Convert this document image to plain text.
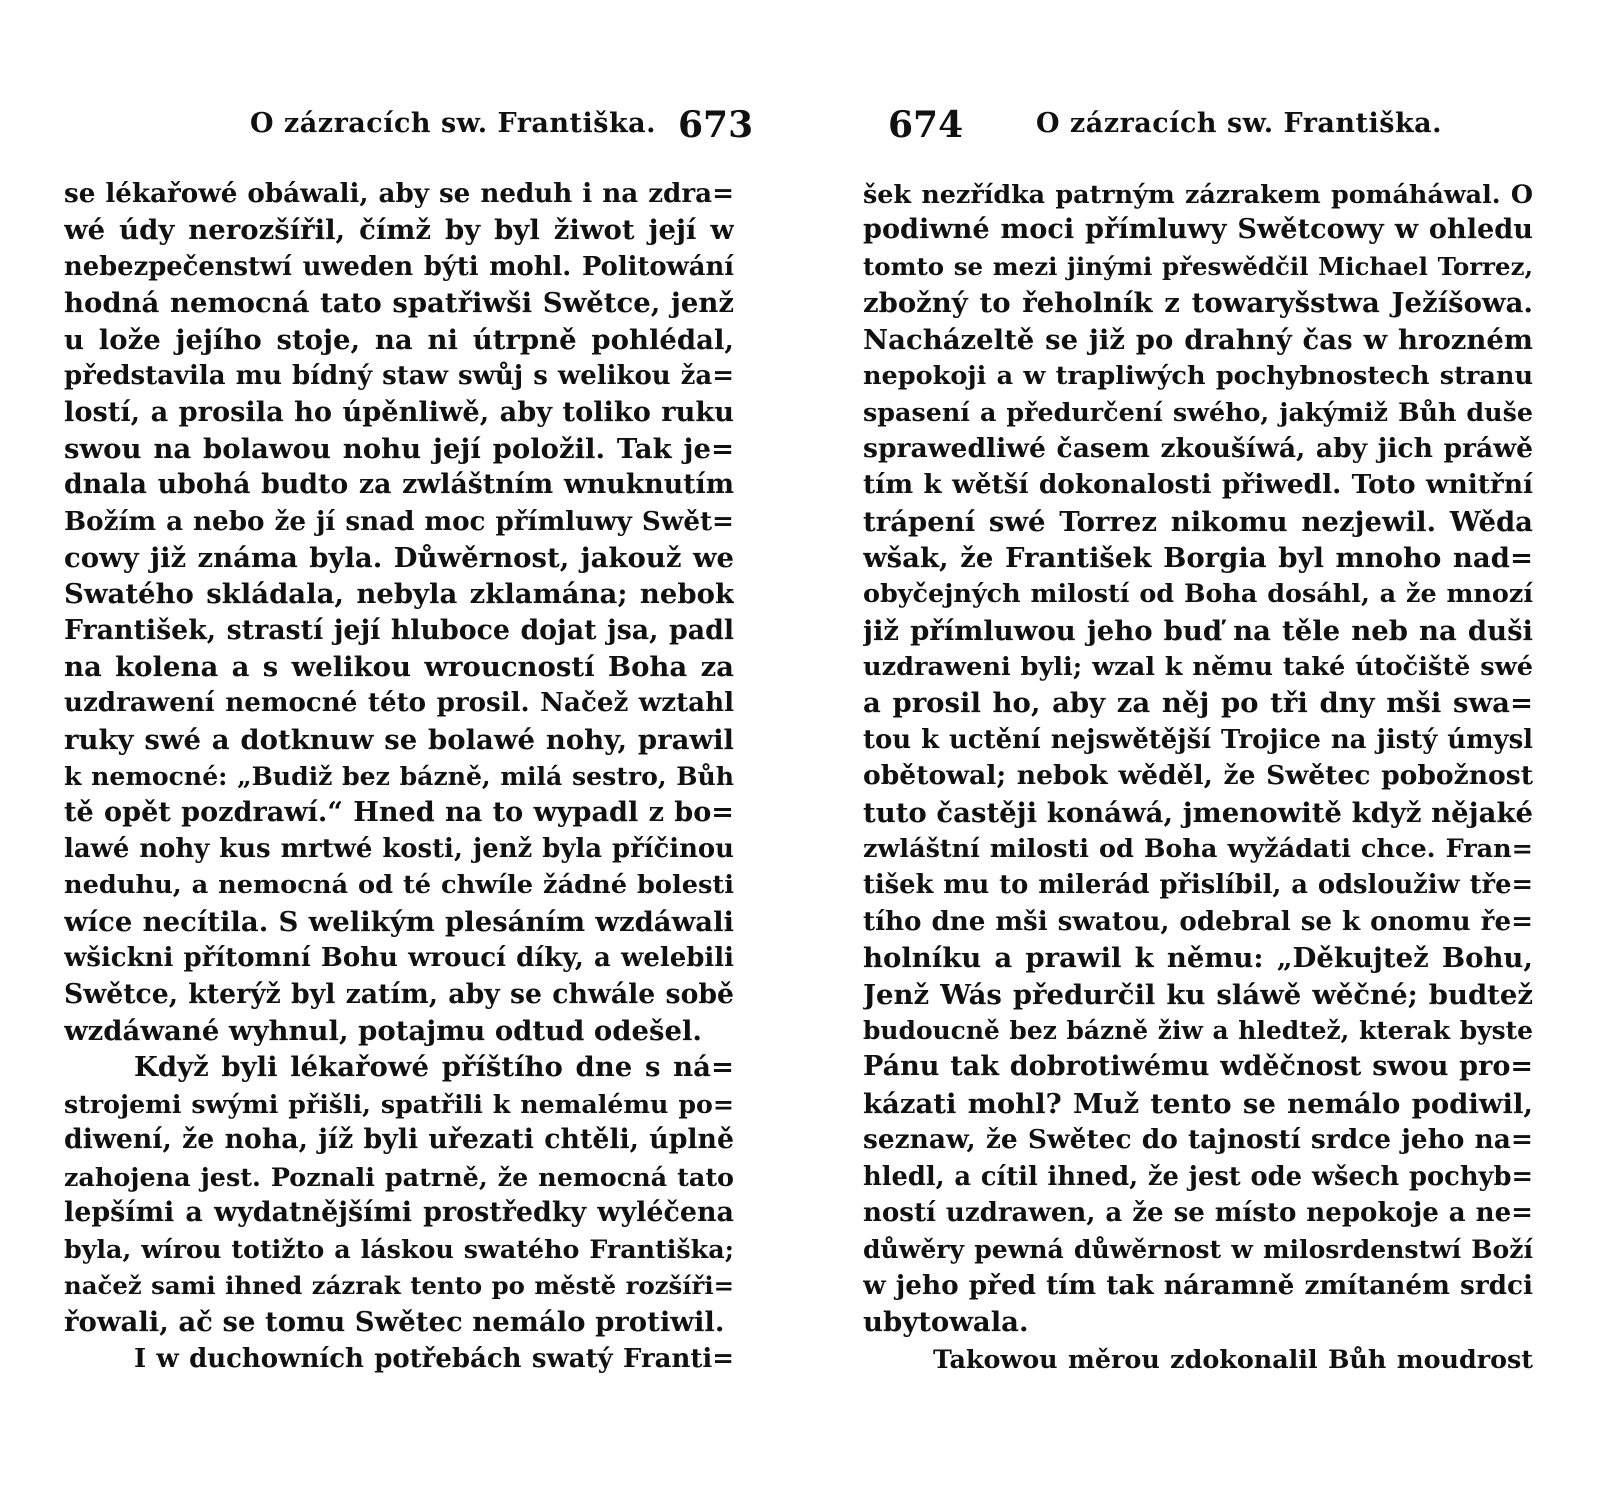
O zázracích sw. Františka. 673
se lékařowé obáwali, aby se neduh i na zdra=
wé údy nerozšířil, čímž by byl žiwot její w
nebezpečenstwí uweden býti mohl. Politowání
hodná nemocná tato spatřiwši Swětce, jenž
u lože jejího stoje, na ni útrpně pohlédal,
představila mu bídný staw swůj s welikou ža=
lostí, a prosila ho úpěnliwě, aby toliko ruku
swou na bolawou nohu její položil. Tak je=
dnala ubohá budto za zwláštním wnuknutím
Božím a nebo že jí snad moc přímluwy Swět=
cowy již známa byla. Důwěrnost, jakouž we
Swatého skládala, nebyla zklamána; nebok
František, strastí její hluboce dojat jsa, padl
na kolena a s welikou wroucností Boha za
uzdrawení nemocné této prosil. Načež wztahl
ruky swé a dotknuw se bolawé nohy, prawil
k nemocné: „Budiž bez bázně, milá sestro, Bůh
tě opět pozdrawí.“ Hned na to wypadl z bo=
lawé nohy kus mrtwé kosti, jenž byla příčinou
neduhu, a nemocná od té chwíle žádné bolesti
wíce necítila. S welikým plesáním wzdáwali
wšickni přítomní Bohu wroucí díky, a welebili
Swětce, kterýž byl zatím, aby se chwále sobě
wzdáwané wyhnul, potajmu odtud odešel.
Když byli lékařowé příštího dne s ná=
strojemi swými přišli, spatřili k nemalému po=
diwení, že noha, jíž byli uřezati chtěli, úplně
zahojena jest. Poznali patrně, že nemocná tato
lepšími a wydatnějšími prostředky wyléčena
byla, wírou totižto a láskou swatého Františka;
načež sami ihned zázrak tento po městě rozšíři=
řowali, ač se tomu Swětec nemálo protiwil.
I w duchowních potřebách swatý Franti=
674	O zázracích sw. Františka.
šek nezřídka patrným zázrakem pomáháwal. O
podiwné moci přímluwy Swětcowy w ohledu
tomto se mezi jinými přeswědčil Michael Torrez,
zbožný to řeholník z towaryšstwa Ježíšowa.
Nacházeltě se již po drahný čas w hrozném
nepokoji a w trapliwých pochybnostech stranu
spasení a předurčení swého, jakýmiž Bůh duše
sprawedliwé časem zkoušíwá, aby jich práwě
tím k wětší dokonalosti přiwedl. Toto wnitřní
trápení swé Torrez nikomu nezjewil. Wěda
wšak, že František Borgia byl mnoho nad=
obyčejných milostí od Boha dosáhl, a že mnozí
již přímluwou jeho buď na těle neb na duši
uzdraweni byli; wzal k němu také útočiště swé
a prosil ho, aby za něj po tři dny mši swa=
tou k uctění nejswětější Trojice na jistý úmysl
obětowal; nebok wěděl, že Swětec pobožnost
tuto častěji konáwá, jmenowitě když nějaké
zwláštní milosti od Boha wyžádati chce. Fran=
tišek mu to milerád přislíbil, a odsloužiw tře=
tího dne mši swatou, odebral se k onomu ře=
holníku a prawil k němu: „Děkujtež Bohu,
Jenž Wás předurčil ku sláwě wěčné; budtež
budoucně bez bázně žiw a hledtež, kterak byste
Pánu tak dobrotiwému wděčnost swou pro=
kázati mohl? Muž tento se nemálo podiwil,
seznaw, že Swětec do tajností srdce jeho na=
hledl, a cítil ihned, že jest ode wšech pochyb=
ností uzdrawen, a že se místo nepokoje a ne=
důwěry pewná důwěrnost w milosrdenstwí Boží
w jeho před tím tak náramně zmítaném srdci
ubytowala.
Takowou měrou zdokonalil Bůh moudrost
